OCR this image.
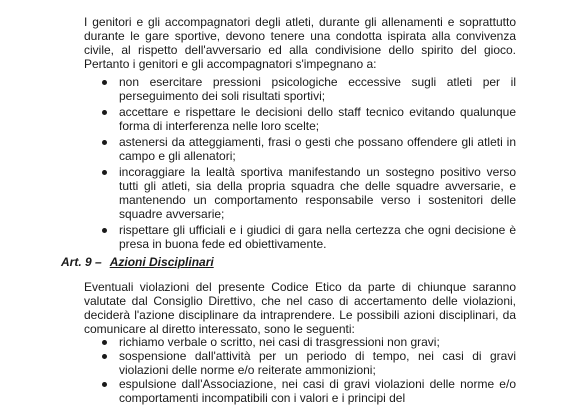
I genitori e gli accompagnatori degli atleti, durante gli allenamenti e soprattutto durante le gare sportive, devono tenere una condotta ispirata alla convivenza civile, al rispetto dell'avversario ed alla condivisione dello spirito del gioco. Pertanto i genitori e gli accompagnatori s'impegnano a:

non esercitare pressioni psicologiche eccessive sugli atleti per il perseguimento dei soli risultati sportivi;
accettare e rispettare le decisioni dello staff tecnico evitando qualunque forma di interferenza nelle loro scelte;
astenersi da atteggiamenti, frasi o gesti che possano offendere gli atleti in campo e gli allenatori;
incoraggiare la lealtà sportiva manifestando un sostegno positivo verso tutti gli atleti, sia della propria squadra che delle squadre avversarie, e mantenendo un comportamento responsabile verso i sostenitori delle squadre avversarie;
rispettare gli ufficiali e i giudici di gara nella certezza che ogni decisione è presa in buona fede ed obiettivamente.
Art. 9 – Azioni Disciplinari

Eventuali violazioni del presente Codice Etico da parte di chiunque saranno valutate dal Consiglio Direttivo, che nel caso di accertamento delle violazioni, deciderà l'azione disciplinare da intraprendere. Le possibili azioni disciplinari, da comunicare al diretto interessato, sono le seguenti:

richiamo verbale o scritto, nei casi di trasgressioni non gravi;
sospensione dall'attività per un periodo di tempo, nei casi di gravi violazioni delle norme e/o reiterate ammonizioni;
espulsione dall'Associazione, nei casi di gravi violazioni delle norme e/o comportamenti incompatibili con i valori e i principi del
